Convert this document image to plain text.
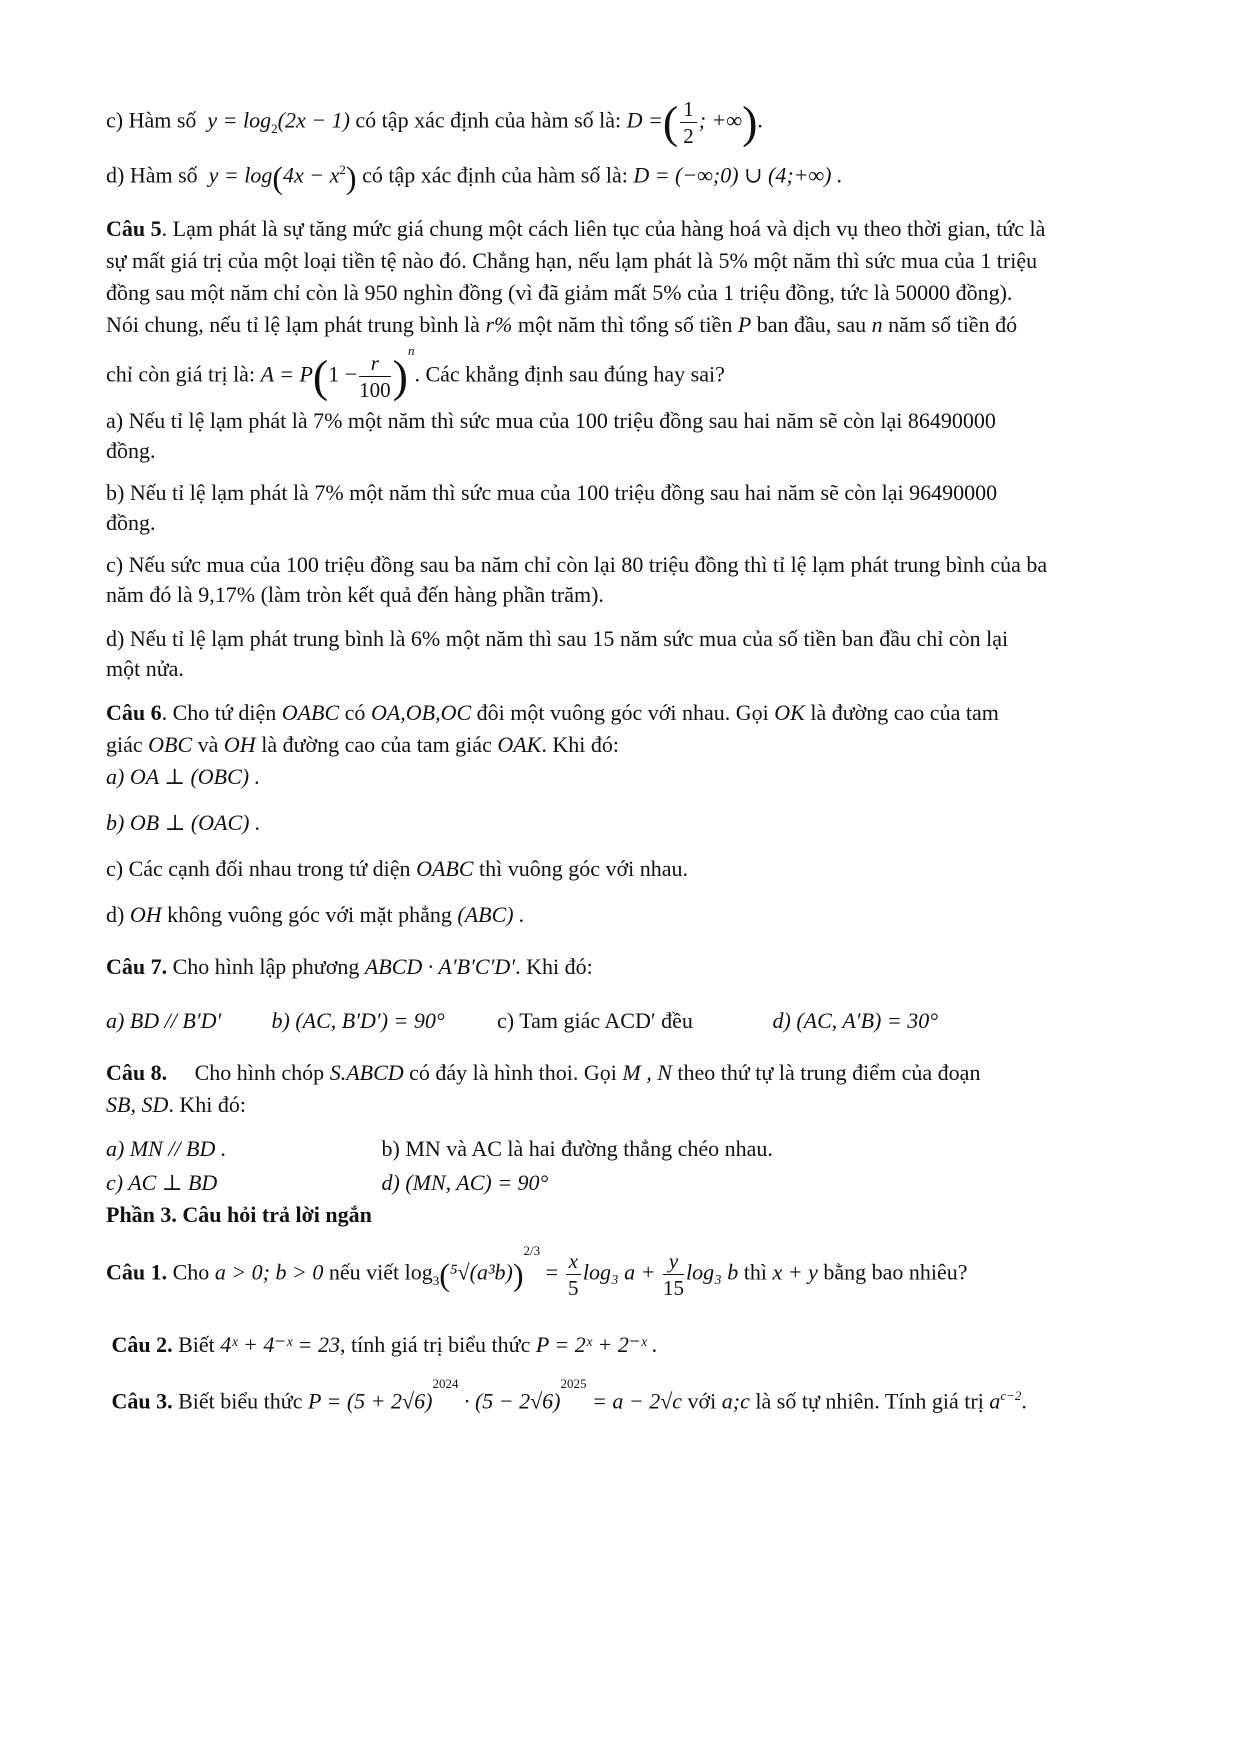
c) Hàm số $y = \log_2(2x - 1)$ có tập xác định của hàm số là: D =( $\frac{1}{2}$ ; +∞).
d) Hàm số $y = \log(4x - x^2)$ có tập xác định của hàm số là: D = (−∞;0) ∪ (4;+∞) .
Câu 5. Lạm phát là sự tăng mức giá chung một cách liên tục của hàng hoá và dịch vụ theo thời gian, tức là
sự mất giá trị của một loại tiền tệ nào đó. Chẳng hạn, nếu lạm phát là 5% một năm thì sức mua của 1 triệu
đồng sau một năm chỉ còn là 950 nghìn đồng (vì đã giảm mất 5% của 1 triệu đồng, tức là 50000 đồng).
Nói chung, nếu tỉ lệ lạm phát trung bình là r% một năm thì tổng số tiền P ban đầu, sau n năm số tiền đó
chỉ còn giá trị là: $A = P(1 - \frac{r}{100} )^n$. Các khẳng định sau đúng hay sai?
a) Nếu tỉ lệ lạm phát là 7% một năm thì sức mua của 100 triệu đồng sau hai năm sẽ còn lại 86490000
đồng.
b) Nếu tỉ lệ lạm phát là 7% một năm thì sức mua của 100 triệu đồng sau hai năm sẽ còn lại 96490000
đồng.
c) Nếu sức mua của 100 triệu đồng sau ba năm chỉ còn lại 80 triệu đồng thì tỉ lệ lạm phát trung bình của ba
năm đó là 9,17% (làm tròn kết quả đến hàng phần trăm).
d) Nếu tỉ lệ lạm phát trung bình là 6% một năm thì sau 15 năm sức mua của số tiền ban đầu chỉ còn lại
một nửa.
Câu 6. Cho tứ diện OABC có OA,OB,OC đôi một vuông góc với nhau. Gọi OK là đường cao của tam
giác OBC và OH là đường cao của tam giác OAK. Khi đó:
a) OA ⊥ (OBC) .
b) OB ⊥ (OAC) .
c) Các cạnh đối nhau trong tứ diện OABC thì vuông góc với nhau.
d) OH không vuông góc với mặt phẳng (ABC) .
Câu 7. Cho hình lập phương ABCD · A′B′C′D′. Khi đó:
a) BD // B′D′ b) (AC, B′D′) = 90° c) Tam giác ACD′ đều	d) (AC, A′B) = 30°
Câu 8. Cho hình chóp S.ABCD có đáy là hình thoi. Gọi M , N theo thứ tự là trung điểm của đoạn
SB, SD. Khi đó:
a) MN // BD .	b) MN và AC là hai đường thẳng chéo nhau.
c) AC ⊥ BD	d) (MN, AC) = 90°
Phần 3. Câu hỏi trả lời ngắn
Câu 1. Cho a > 0; b > 0 nếu viết $\log_3(^5√(a^3b))^{2/3} = \frac{x}{5} \log_3$ $a + \frac{y}{15} \log_3$ b thì x + y bằng bao nhiêu?
Câu 2. Biết 4ˣ + 4⁻ˣ = 23, tính giá trị biểu thức P = 2ˣ + 2⁻ˣ .
Câu 3. Biết biểu thức $P = (5 + 2√6)^{2024} \cdot (5 - 2√6)^{2025} = a - 2√c$ với a;c là số tự nhiên. Tính giá trị $a^{c-2}$.
